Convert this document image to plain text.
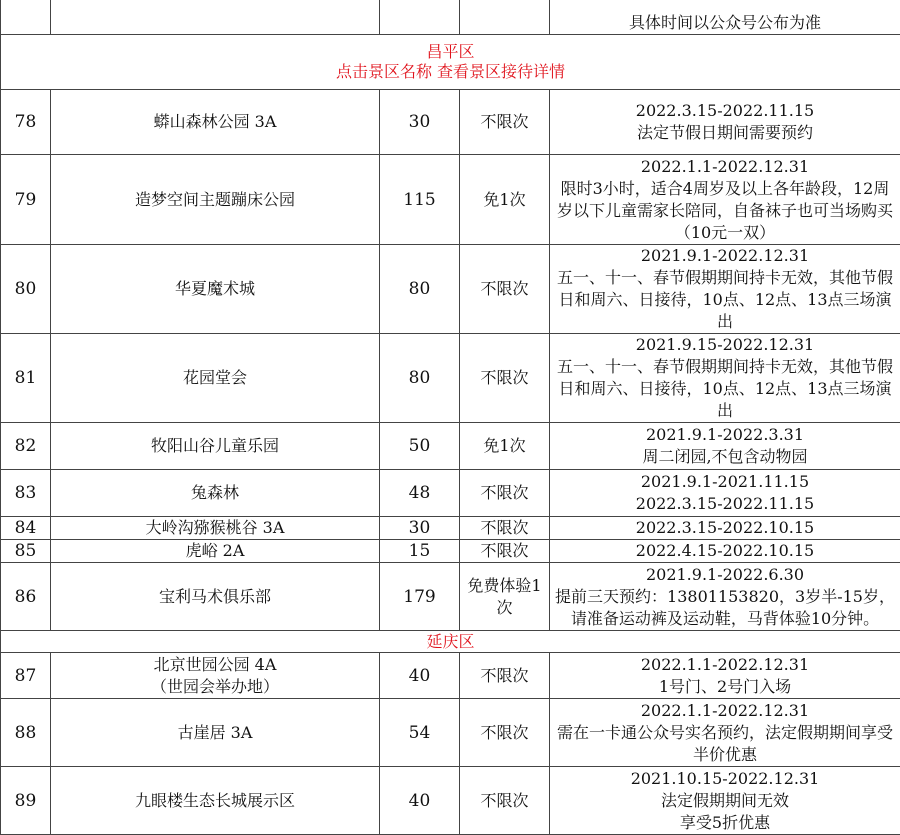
				具体时间以公众号公布为准

昌平区
点击景区名称 查看景区接待详情				

78	蟒山森林公园 3A	30	不限次	2022.3.15-2022.11.15
法定节假日期间需要预约

79	造梦空间主题蹦床公园	115	免1次	2022.1.1-2022.12.31
限时3小时，适合4周岁及以上各年龄段，12周岁以下儿童需家长陪同，自备袜子也可当场购买（10元一双）

80	华夏魔术城	80	不限次	2021.9.1-2022.12.31
五一、十一、春节假期期间持卡无效，其他节假日和周六、日接待，10点、12点、13点三场演出

81	花园堂会	80	不限次	2021.9.15-2022.12.31
五一、十一、春节假期期间持卡无效，其他节假日和周六、日接待，10点、12点、13点三场演出

82	牧阳山谷儿童乐园	50	免1次	2021.9.1-2022.3.31
周二闭园,不包含动物园

83	兔森林	48	不限次	2021.9.1-2021.11.15
2022.3.15-2022.11.15

84	大岭沟猕猴桃谷 3A	30	不限次	2022.3.15-2022.10.15

85	虎峪 2A	15	不限次	2022.4.15-2022.10.15

86	宝利马术俱乐部	179	免费体验1次	2021.9.1-2022.6.30
提前三天预约：13801153820，3岁半-15岁，请准备运动裤及运动鞋，马背体验10分钟。

延庆区				

87	北京世园公园 4A
（世园会举办地）	40	不限次	2022.1.1-2022.12.31
1号门、2号门入场

88	古崖居 3A	54	不限次	2022.1.1-2022.12.31
需在一卡通公众号实名预约，法定假期期间享受半价优惠

89	九眼楼生态长城展示区	40	不限次	2021.10.15-2022.12.31
法定假期期间无效
享受5折优惠
